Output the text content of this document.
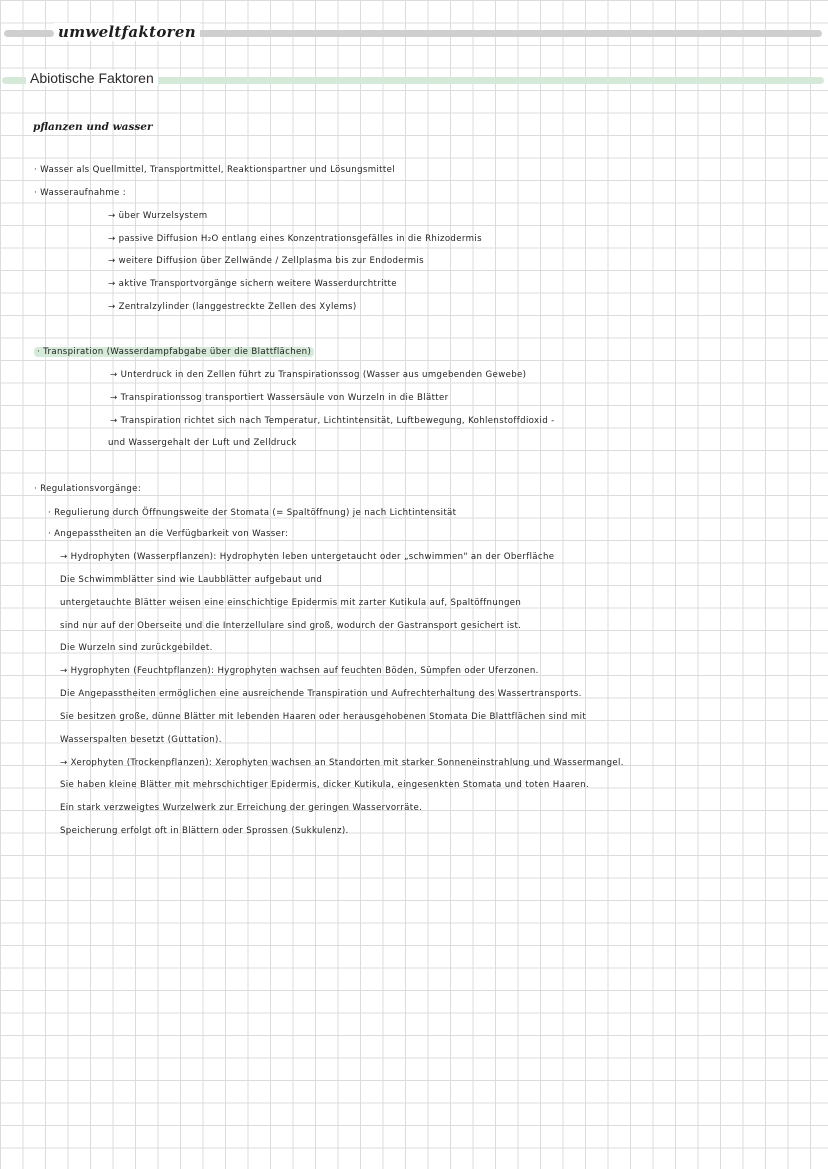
umweltfaktoren
Abiotische Faktoren
pflanzen und wasser
· Wasser als Quellmittel, Transportmittel, Reaktionspartner und Lösungsmittel
· Wasseraufnahme :
→ über Wurzelsystem
→ passive Diffusion H₂O entlang eines Konzentrationsgefälles in die Rhizodermis
→ weitere Diffusion über Zellwände / Zellplasma bis zur Endodermis
→ aktive Transportvorgänge sichern weitere Wasserdurchtritte
→ Zentralzylinder (langgestreckte Zellen des Xylems)
· Transpiration (Wasserdampfabgabe über die Blattflächen)
→ Unterdruck in den Zellen führt zu Transpirationssog (Wasser aus umgebenden Gewebe)
→ Transpirationssog transportiert Wassersäule von Wurzeln in die Blätter
→ Transpiration richtet sich nach Temperatur, Lichtintensität, Luftbewegung, Kohlenstoffdioxid -
und Wassergehalt der Luft und Zelldruck
· Regulationsvorgänge:
· Regulierung durch Öffnungsweite der Stomata (= Spaltöffnung) je nach Lichtintensität
· Angepasstheiten an die Verfügbarkeit von Wasser:
→ Hydrophyten (Wasserpflanzen): Hydrophyten leben untergetaucht oder „schwimmen" an der Oberfläche
Die Schwimmblätter sind wie Laubblätter aufgebaut und
untergetauchte Blätter weisen eine einschichtige Epidermis mit zarter Kutikula auf, Spaltöffnungen
sind nur auf der Oberseite und die Interzellulare sind groß, wodurch der Gastransport gesichert ist.
Die Wurzeln sind zurückgebildet.
→ Hygrophyten (Feuchtpflanzen): Hygrophyten wachsen auf feuchten Böden, Sümpfen oder Uferzonen.
Die Angepasstheiten ermöglichen eine ausreichende Transpiration und Aufrechterhaltung des Wassertransports.
Sie besitzen große, dünne Blätter mit lebenden Haaren oder herausgehobenen Stomata Die Blattflächen sind mit
Wasserspalten besetzt (Guttation).
→ Xerophyten (Trockenpflanzen): Xerophyten wachsen an Standorten mit starker Sonneneinstrahlung und Wassermangel.
Sie haben kleine Blätter mit mehrschichtiger Epidermis, dicker Kutikula, eingesenkten Stomata und toten Haaren.
Ein stark verzweigtes Wurzelwerk zur Erreichung der geringen Wasservorräte.
Speicherung erfolgt oft in Blättern oder Sprossen (Sukkulenz).
